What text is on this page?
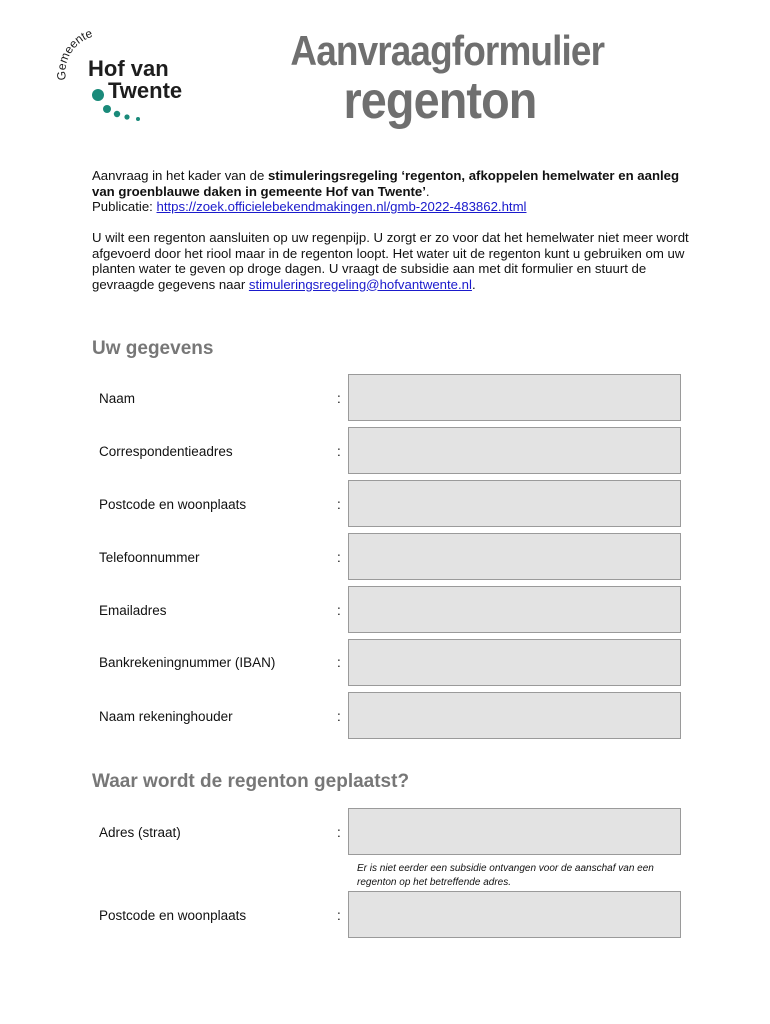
Gemeente
Hof van
Twente
Aanvraagformulier
regenton
Aanvraag in het kader van de stimuleringsregeling ‘regenton, afkoppelen hemelwater en aanleg van groenblauwe daken in gemeente Hof van Twente’.
Publicatie: https://zoek.officielebekendmakingen.nl/gmb-2022-483862.html
U wilt een regenton aansluiten op uw regenpijp. U zorgt er zo voor dat het hemelwater niet meer wordt afgevoerd door het riool maar in de regenton loopt. Het water uit de regenton kunt u gebruiken om uw planten water te geven op droge dagen. U vraagt de subsidie aan met dit formulier en stuurt de gevraagde gegevens naar stimuleringsregeling@hofvantwente.nl.
Uw gegevens
Naam	:
Correspondentieadres	:
Postcode en woonplaats	:
Telefoonnummer	:
Emailadres	:
Bankrekeningnummer (IBAN)	:
Naam rekeninghouder	:
Waar wordt de regenton geplaatst?
Adres (straat)	:
Er is niet eerder een subsidie ontvangen voor de aanschaf van een regenton op het betreffende adres.
Postcode en woonplaats	:
